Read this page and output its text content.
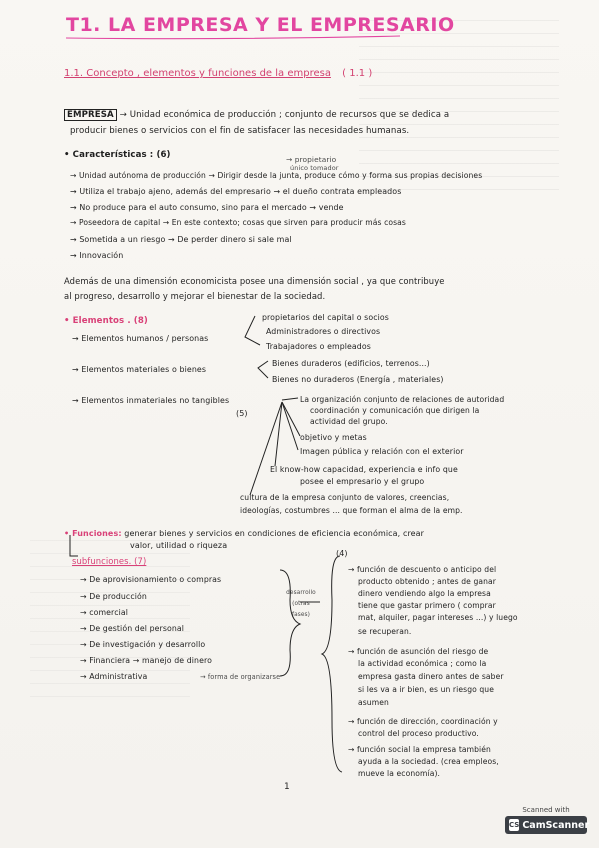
T1. LA EMPRESA Y EL EMPRESARIO
1.1. Concepto , elementos y funciones de la empresa ( 1.1 )
EMPRESA → Unidad económica de producción ; conjunto de recursos que se dedica a
producir bienes o servicios con el fin de satisfacer las necesidades humanas.
• Características : (6)	→ propietario
único tomador
→ Unidad autónoma de producción → Dirigir desde la junta, produce cómo y forma sus propias decisiones
→ Utiliza el trabajo ajeno, además del empresario → el dueño contrata empleados
→ No produce para el auto consumo, sino para el mercado → vende
→ Poseedora de capital → En este contexto; cosas que sirven para producir más cosas
→ Sometida a un riesgo → De perder dinero si sale mal
→ Innovación
Además de una dimensión economicista posee una dimensión social , ya que contribuye
al progreso, desarrollo y mejorar el bienestar de la sociedad.
• Elementos . (8)	propietarios del capital o socios
→ Elementos humanos / personas
Administradores o directivos
Trabajadores o empleados
→ Elementos materiales o bienes
Bienes duraderos (edificios, terrenos...)
Bienes no duraderos (Energía , materiales)
→ Elementos inmateriales no tangibles
(5)
La organización conjunto de relaciones de autoridad
coordinación y comunicación que dirigen la
actividad del grupo.
objetivo y metas
Imagen pública y relación con el exterior
El know-how capacidad, experiencia e info que
posee el empresario y el grupo
cultura de la empresa conjunto de valores, creencias,
ideologías, costumbres ... que forman el alma de la emp.
• Funciones: generar bienes y servicios en condiciones de eficiencia económica, crear
valor, utilidad o riqueza
subfunciones. (7)
→ De aprovisionamiento o compras
→ De producción
→ comercial
→ De gestión del personal
→ De investigación y desarrollo
→ Financiera → manejo de dinero
→ Administrativa	→ forma de organizarse
desarrollo (otras fases)
(4)
→ función de descuento o anticipo del
producto obtenido ; antes de ganar
dinero vendiendo algo la empresa
tiene que gastar primero ( comprar
mat, alquiler, pagar intereses ...) y luego
se recuperan.
→ función de asunción del riesgo de
la actividad económica ; como la
empresa gasta dinero antes de saber
si les va a ir bien, es un riesgo que
asumen
→ función de dirección, coordinación y
control del proceso productivo.
→ función social la empresa también
ayuda a la sociedad. (crea empleos,
mueve la economía).
1
Scanned with
CS CamScanner
